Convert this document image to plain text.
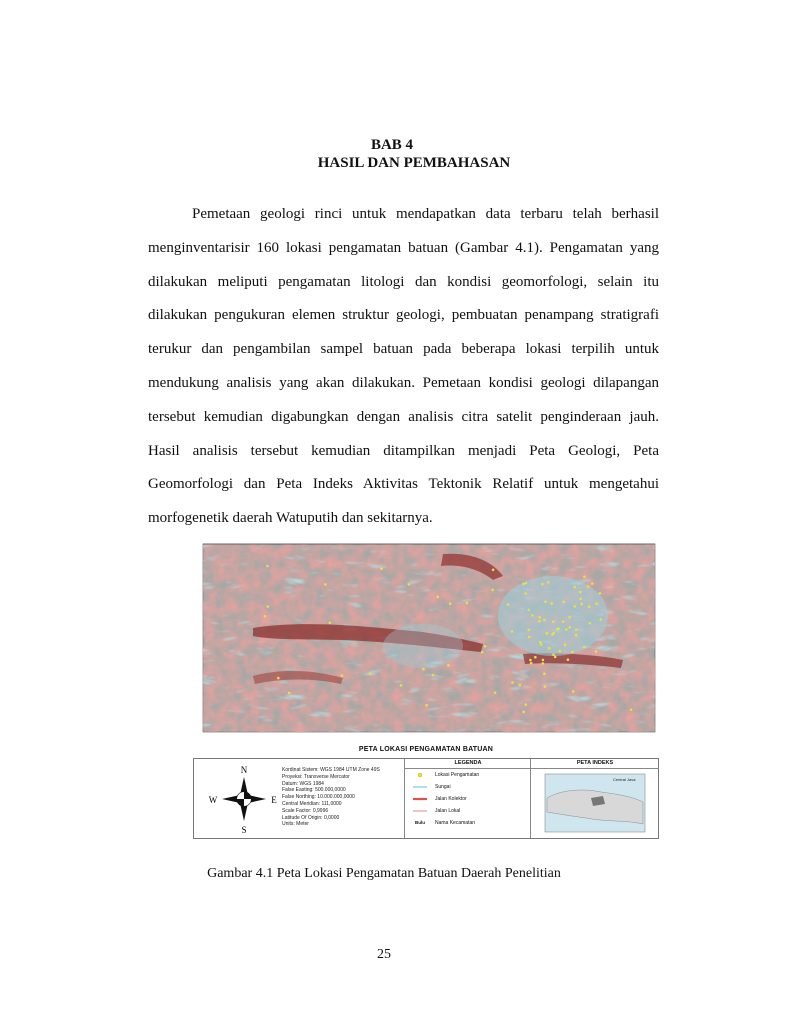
BAB 4
HASIL DAN PEMBAHASAN
Pemetaan geologi rinci untuk mendapatkan data terbaru telah berhasil
menginventarisir 160 lokasi pengamatan batuan (Gambar 4.1). Pengamatan yang
dilakukan meliputi pengamatan litologi dan kondisi geomorfologi, selain itu
dilakukan pengukuran elemen struktur geologi, pembuatan penampang stratigrafi
terukur dan pengambilan sampel batuan pada beberapa lokasi terpilih untuk
mendukung analisis yang akan dilakukan. Pemetaan kondisi geologi dilapangan
tersebut kemudian digabungkan dengan analisis citra satelit penginderaan jauh.
Hasil analisis tersebut kemudian ditampilkan menjadi Peta Geologi, Peta
Geomorfologi dan Peta Indeks Aktivitas Tektonik Relatif untuk mengetahui
morfogenetik daerah Watuputih dan sekitarnya.
PETA LOKASI PENGAMATAN BATUAN
N
S
W	E
Kordinat Sistem: WGS 1984 UTM Zone 49S
Proyeksi: Transverse Mercator
Datum: WGS 1984
False Easting: 500.000,0000
False Northing: 10.000.000,0000
Central Meridian: 111,0000
Scale Factor: 0,9996
Latitude Of Origin: 0,0000
Units: Meter
LEGENDA
Lokasi Pengamatan
Sungai
Jalan Kolektor
Jalan Lokal
Bulu	Nama Kecamatan
PETA INDEKS
Central Java
Gambar 4.1 Peta Lokasi Pengamatan Batuan Daerah Penelitian
25
